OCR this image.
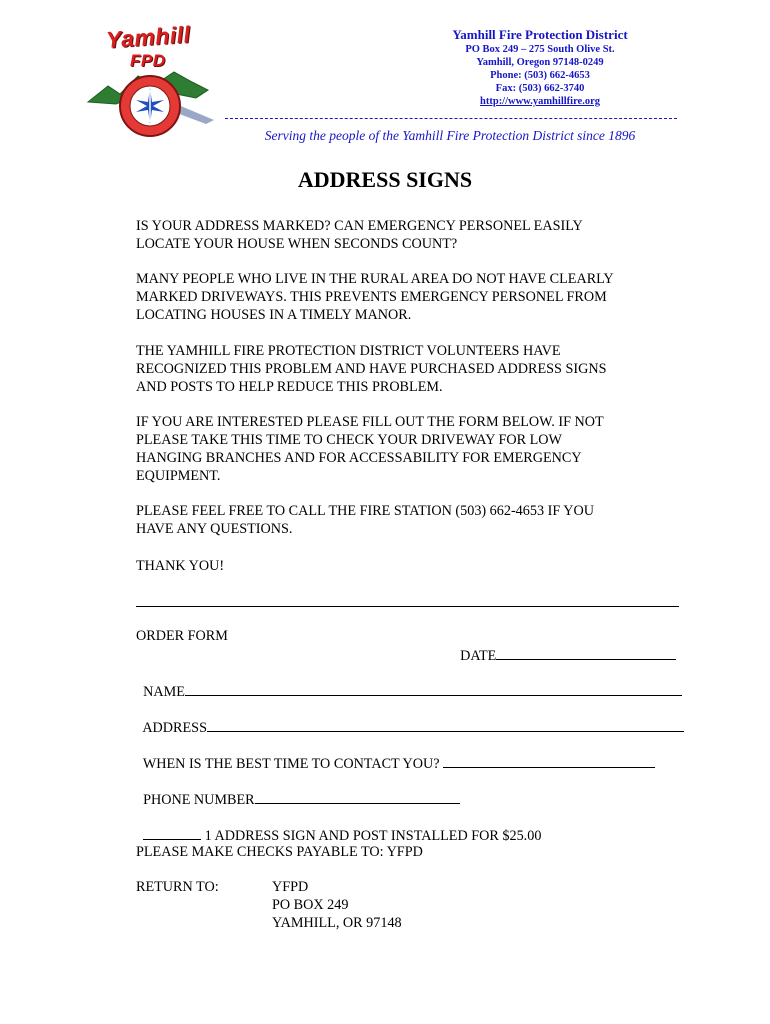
Yamhill
FPD
Yamhill Fire Protection District
PO Box 249 – 275 South Olive St.
Yamhill, Oregon 97148-0249
Phone: (503) 662-4653
Fax: (503) 662-3740
http://www.yamhillfire.org
Serving the people of the Yamhill Fire Protection District since 1896
ADDRESS SIGNS
IS YOUR ADDRESS MARKED? CAN EMERGENCY PERSONEL EASILY
LOCATE YOUR HOUSE WHEN SECONDS COUNT?
MANY PEOPLE WHO LIVE IN THE RURAL AREA DO NOT HAVE CLEARLY
MARKED DRIVEWAYS. THIS PREVENTS EMERGENCY PERSONEL FROM
LOCATING HOUSES IN A TIMELY MANOR.
THE YAMHILL FIRE PROTECTION DISTRICT VOLUNTEERS HAVE
RECOGNIZED THIS PROBLEM AND HAVE PURCHASED ADDRESS SIGNS
AND POSTS TO HELP REDUCE THIS PROBLEM.
IF YOU ARE INTERESTED PLEASE FILL OUT THE FORM BELOW. IF NOT
PLEASE TAKE THIS TIME TO CHECK YOUR DRIVEWAY FOR LOW
HANGING BRANCHES AND FOR ACCESSABILITY FOR EMERGENCY
EQUIPMENT.
PLEASE FEEL FREE TO CALL THE FIRE STATION (503) 662-4653 IF YOU
HAVE ANY QUESTIONS.
THANK YOU!
ORDER FORM

DATE

NAME

ADDRESS

WHEN IS THE BEST TIME TO CONTACT YOU?

PHONE NUMBER

1 ADDRESS SIGN AND POST INSTALLED FOR $25.00

PLEASE MAKE CHECKS PAYABLE TO: YFPD
RETURN TO:	YFPD
PO BOX 249
YAMHILL, OR 97148
